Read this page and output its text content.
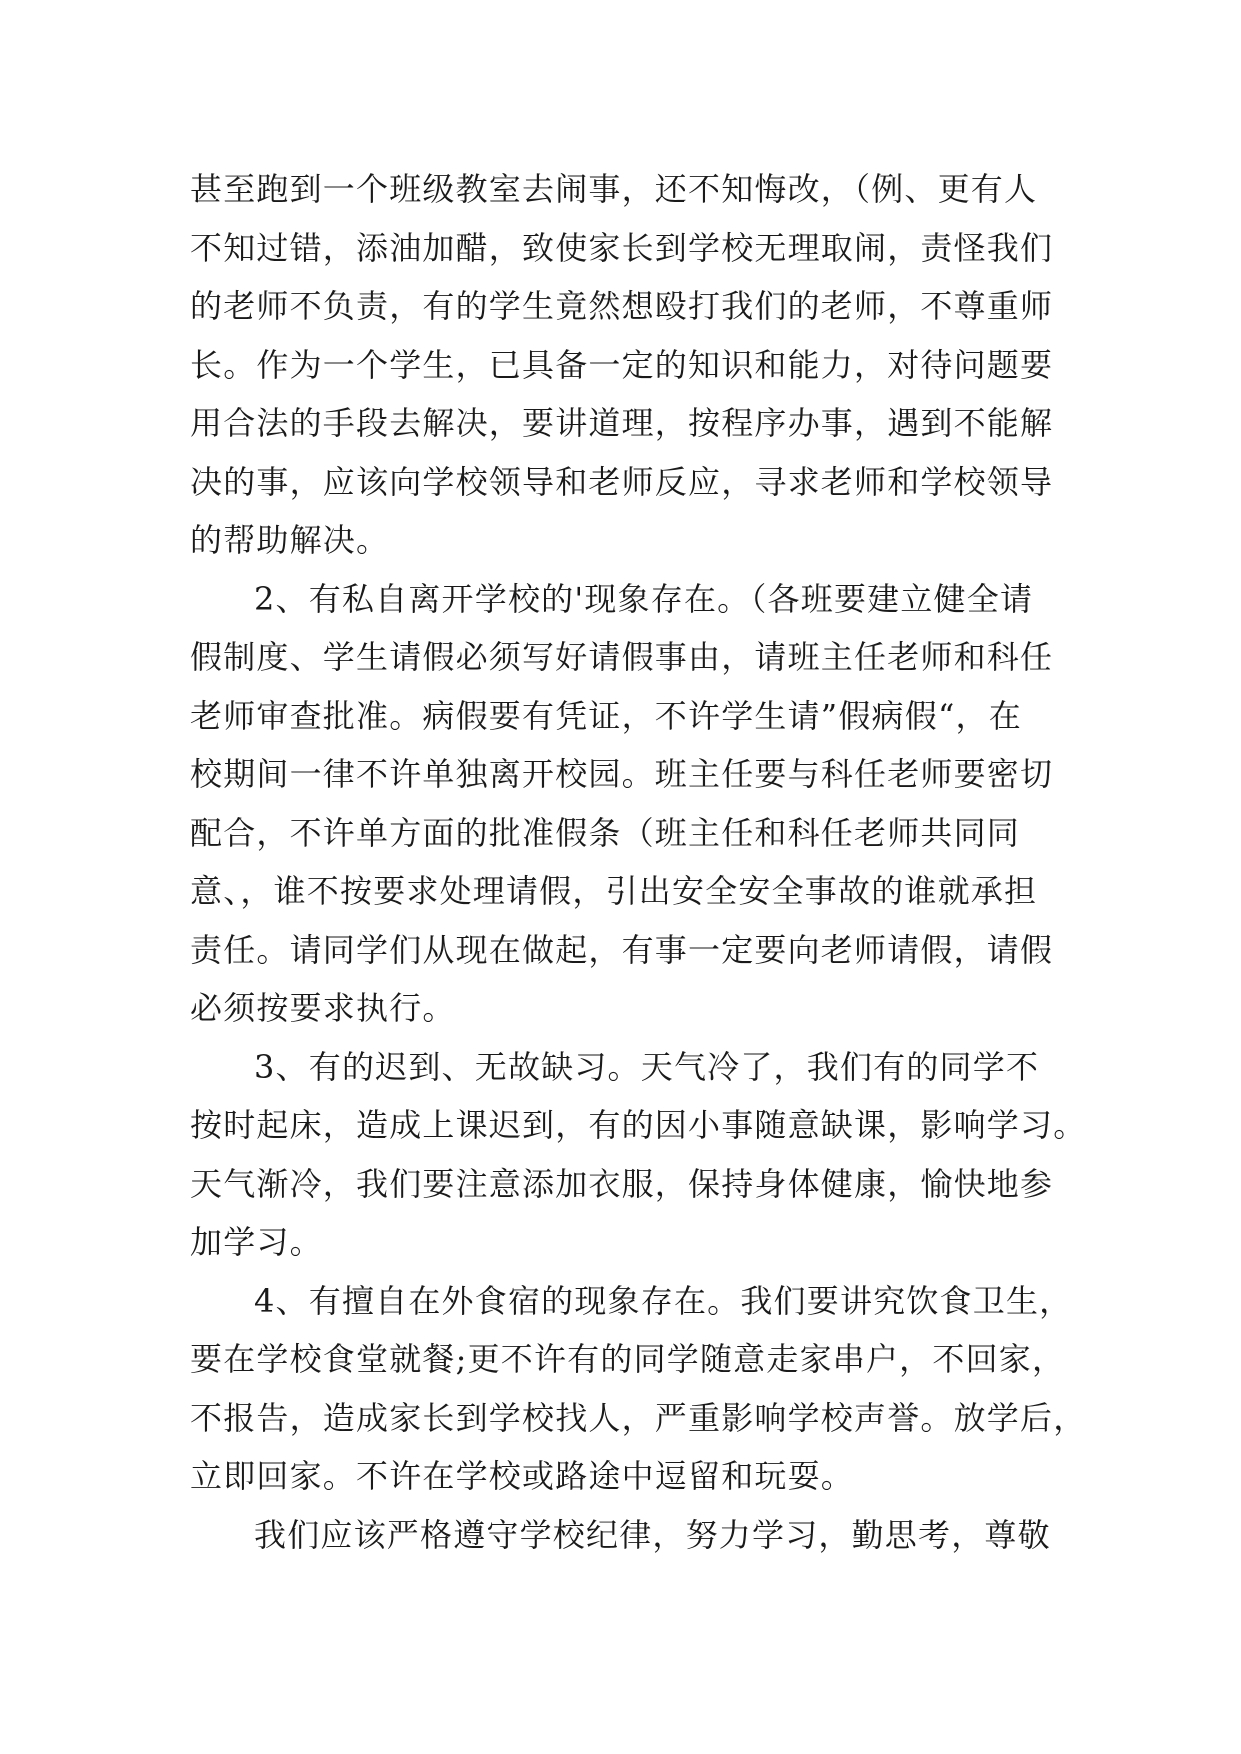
甚至跑到一个班级教室去闹事，还不知悔改，（例、更有人
不知过错，添油加醋，致使家长到学校无理取闹，责怪我们
的老师不负责，有的学生竟然想殴打我们的老师，不尊重师
长。作为一个学生，已具备一定的知识和能力，对待问题要
用合法的手段去解决，要讲道理，按程序办事，遇到不能解
决的事，应该向学校领导和老师反应，寻求老师和学校领导
的帮助解决。
2、有私自离开学校的'现象存在。（各班要建立健全请
假制度、学生请假必须写好请假事由，请班主任老师和科任
老师审查批准。病假要有凭证，不许学生请”假病假“，在
校期间一律不许单独离开校园。班主任要与科任老师要密切
配合，不许单方面的批准假条（班主任和科任老师共同同
意、，谁不按要求处理请假，引出安全安全事故的谁就承担
责任。请同学们从现在做起，有事一定要向老师请假，请假
必须按要求执行。
3、有的迟到、无故缺习。天气冷了，我们有的同学不
按时起床，造成上课迟到，有的因小事随意缺课，影响学习。
天气渐冷，我们要注意添加衣服，保持身体健康，愉快地参
加学习。
4、有擅自在外食宿的现象存在。我们要讲究饮食卫生，
要在学校食堂就餐;更不许有的同学随意走家串户，不回家，
不报告，造成家长到学校找人，严重影响学校声誉。放学后，
立即回家。不许在学校或路途中逗留和玩耍。
我们应该严格遵守学校纪律，努力学习，勤思考，尊敬
